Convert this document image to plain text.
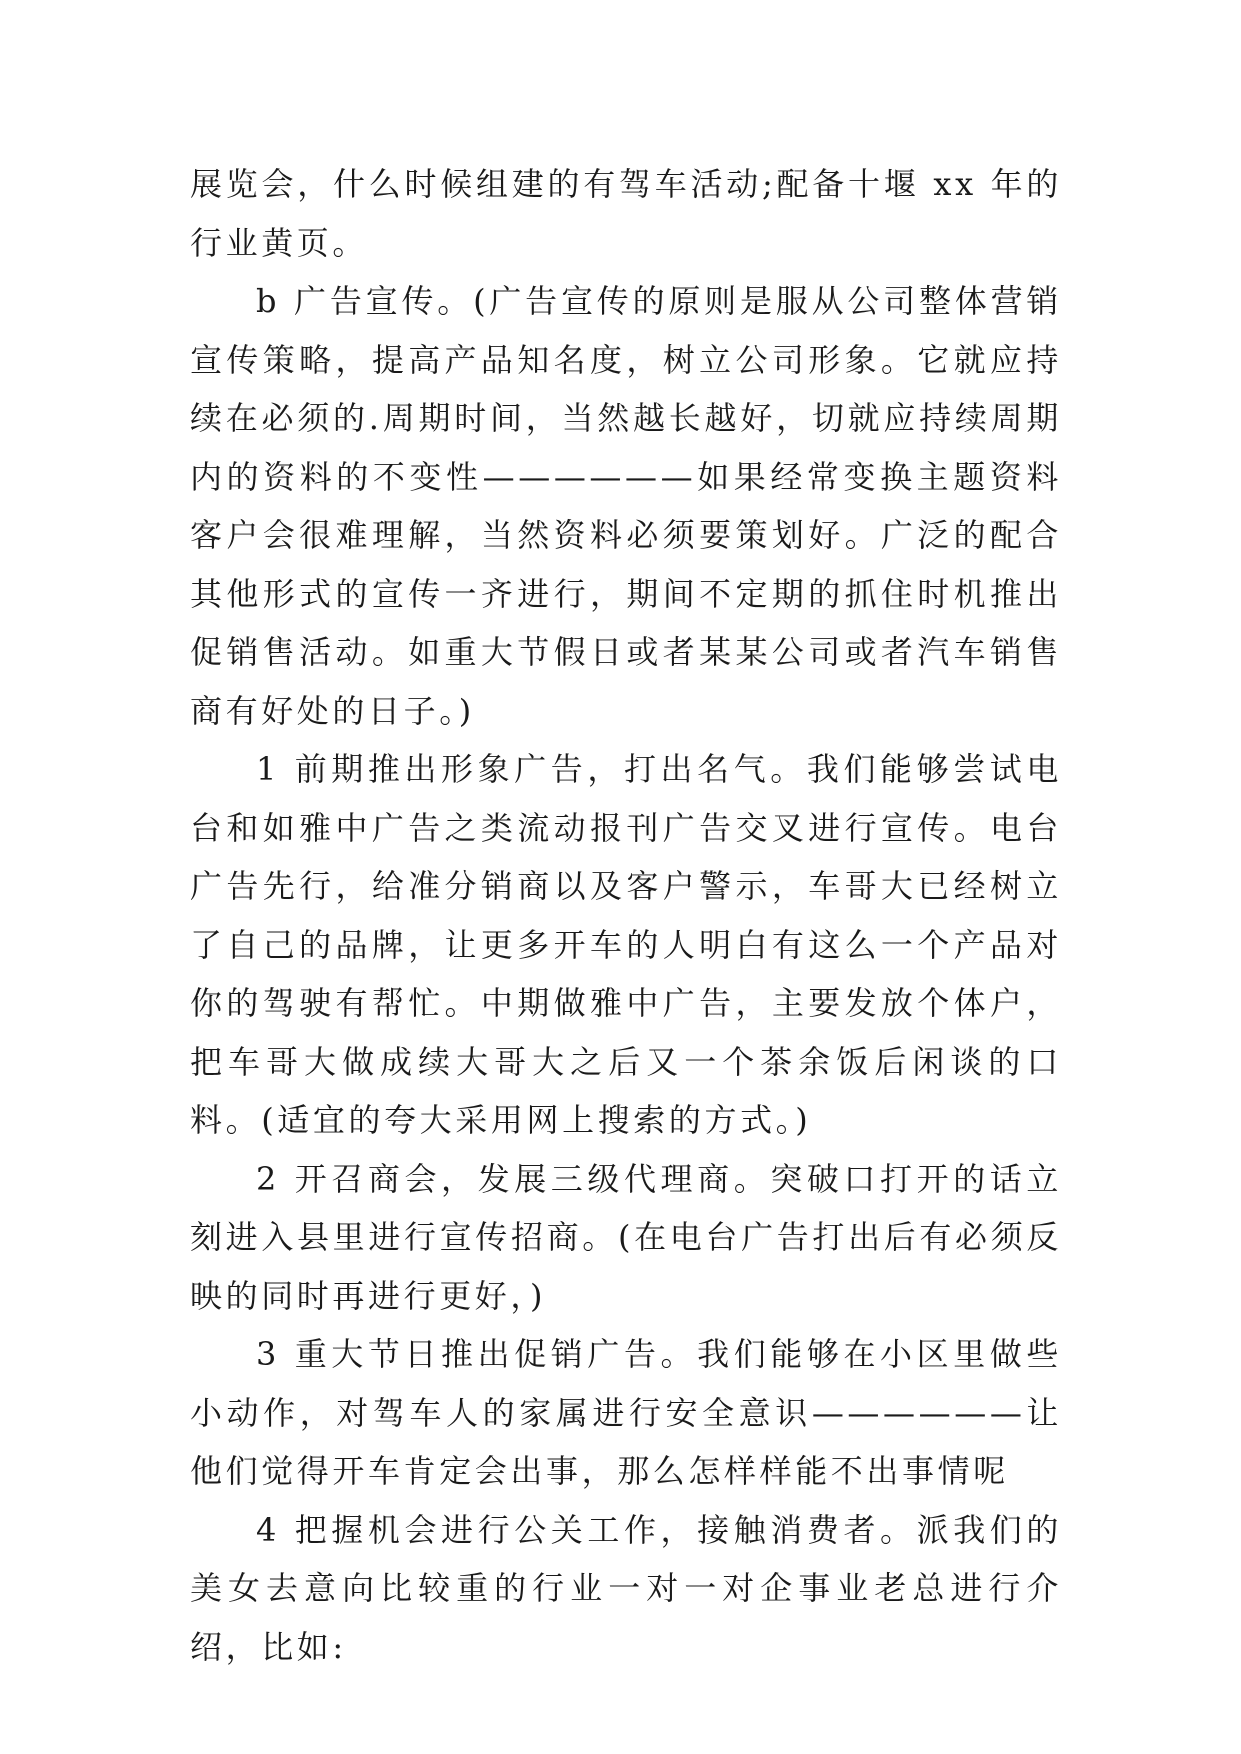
展览会，什么时候组建的有驾车活动;配备十堰 xx 年的行业黄页。

b 广告宣传。(广告宣传的原则是服从公司整体营销宣传策略，提高产品知名度，树立公司形象。它就应持续在必须的.周期时间，当然越长越好，切就应持续周期内的资料的不变性——————如果经常变换主题资料客户会很难理解，当然资料必须要策划好。广泛的配合其他形式的宣传一齐进行，期间不定期的抓住时机推出促销售活动。如重大节假日或者某某公司或者汽车销售商有好处的日子。)

1 前期推出形象广告，打出名气。我们能够尝试电台和如雅中广告之类流动报刊广告交叉进行宣传。电台广告先行，给准分销商以及客户警示，车哥大已经树立了自己的品牌，让更多开车的人明白有这么一个产品对你的驾驶有帮忙。中期做雅中广告，主要发放个体户，把车哥大做成续大哥大之后又一个茶余饭后闲谈的口料。(适宜的夸大采用网上搜索的方式。)

2 开召商会，发展三级代理商。突破口打开的话立刻进入县里进行宣传招商。(在电台广告打出后有必须反映的同时再进行更好，)

3 重大节日推出促销广告。我们能够在小区里做些小动作，对驾车人的家属进行安全意识——————让他们觉得开车肯定会出事，那么怎样样能不出事情呢

4 把握机会进行公关工作，接触消费者。派我们的美女去意向比较重的行业一对一对企事业老总进行介绍，比如:
